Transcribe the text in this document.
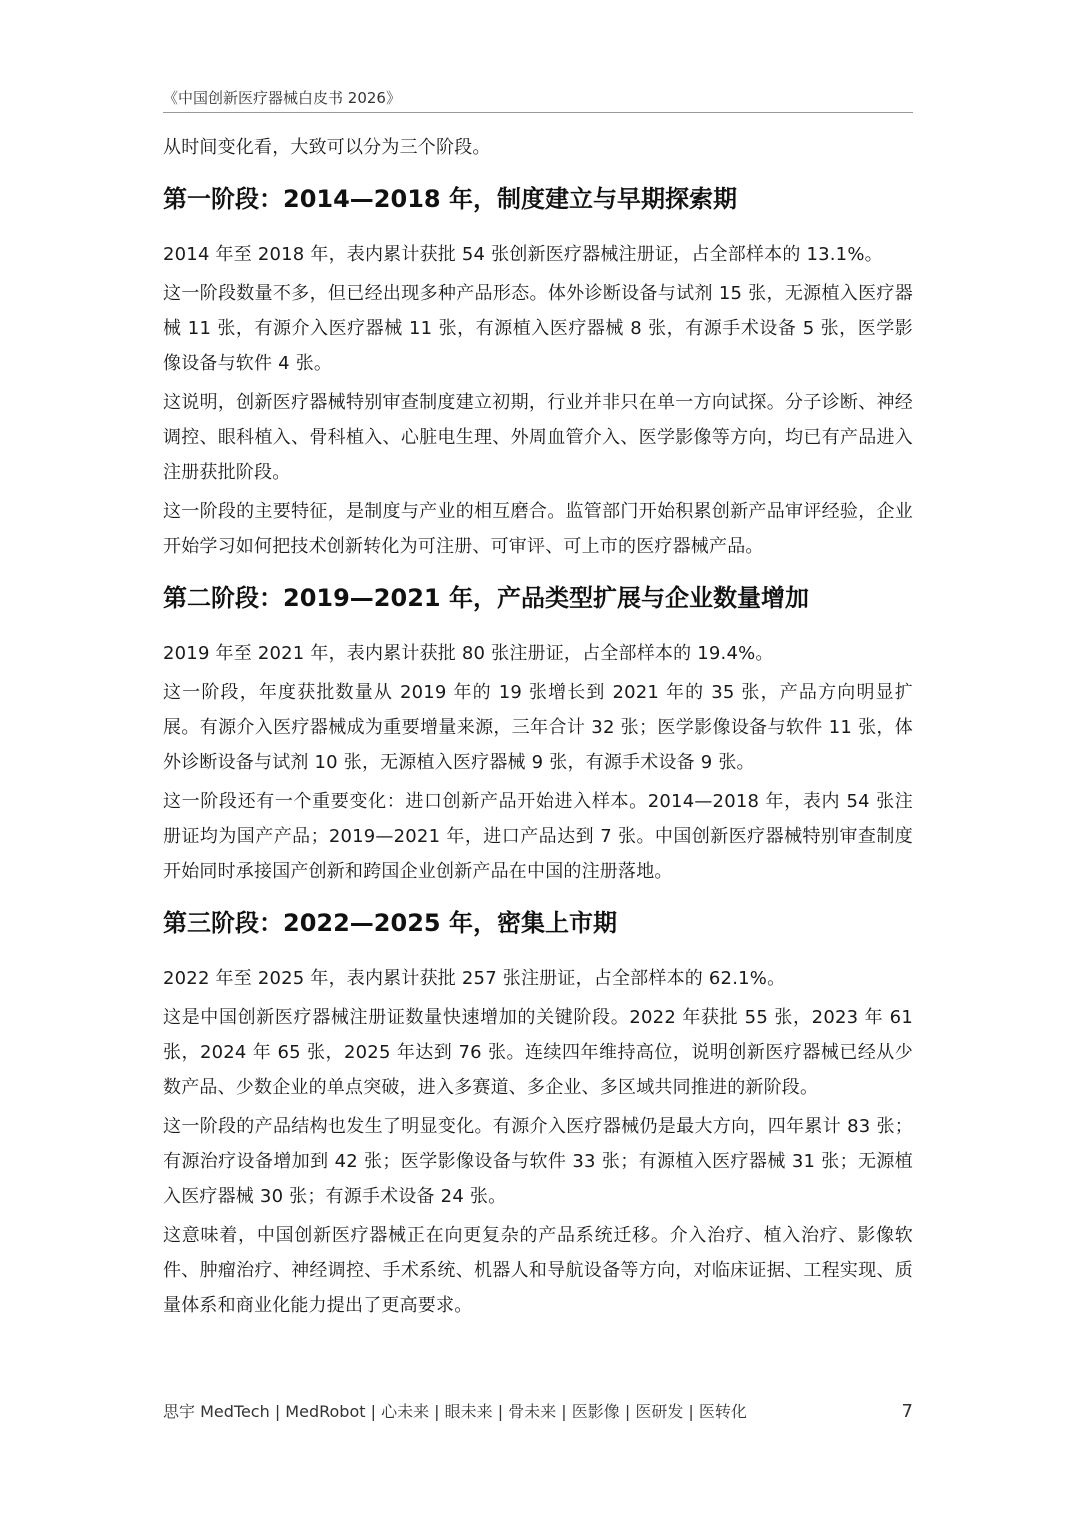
《中国创新医疗器械白皮书 2026》

从时间变化看，大致可以分为三个阶段。

第一阶段：2014—2018 年，制度建立与早期探索期

2014 年至 2018 年，表内累计获批 54 张创新医疗器械注册证，占全部样本的 13.1%。

这一阶段数量不多，但已经出现多种产品形态。体外诊断设备与试剂 15 张，无源植入医疗器械 11 张，有源介入医疗器械 11 张，有源植入医疗器械 8 张，有源手术设备 5 张，医学影像设备与软件 4 张。

这说明，创新医疗器械特别审查制度建立初期，行业并非只在单一方向试探。分子诊断、神经调控、眼科植入、骨科植入、心脏电生理、外周血管介入、医学影像等方向，均已有产品进入注册获批阶段。

这一阶段的主要特征，是制度与产业的相互磨合。监管部门开始积累创新产品审评经验，企业开始学习如何把技术创新转化为可注册、可审评、可上市的医疗器械产品。

第二阶段：2019—2021 年，产品类型扩展与企业数量增加

2019 年至 2021 年，表内累计获批 80 张注册证，占全部样本的 19.4%。

这一阶段，年度获批数量从 2019 年的 19 张增长到 2021 年的 35 张，产品方向明显扩展。有源介入医疗器械成为重要增量来源，三年合计 32 张；医学影像设备与软件 11 张，体外诊断设备与试剂 10 张，无源植入医疗器械 9 张，有源手术设备 9 张。

这一阶段还有一个重要变化：进口创新产品开始进入样本。2014—2018 年，表内 54 张注册证均为国产产品；2019—2021 年，进口产品达到 7 张。中国创新医疗器械特别审查制度开始同时承接国产创新和跨国企业创新产品在中国的注册落地。

第三阶段：2022—2025 年，密集上市期

2022 年至 2025 年，表内累计获批 257 张注册证，占全部样本的 62.1%。

这是中国创新医疗器械注册证数量快速增加的关键阶段。2022 年获批 55 张，2023 年 61 张，2024 年 65 张，2025 年达到 76 张。连续四年维持高位，说明创新医疗器械已经从少数产品、少数企业的单点突破，进入多赛道、多企业、多区域共同推进的新阶段。

这一阶段的产品结构也发生了明显变化。有源介入医疗器械仍是最大方向，四年累计 83 张；有源治疗设备增加到 42 张；医学影像设备与软件 33 张；有源植入医疗器械 31 张；无源植入医疗器械 30 张；有源手术设备 24 张。

这意味着，中国创新医疗器械正在向更复杂的产品系统迁移。介入治疗、植入治疗、影像软件、肿瘤治疗、神经调控、手术系统、机器人和导航设备等方向，对临床证据、工程实现、质量体系和商业化能力提出了更高要求。

思宇 MedTech | MedRobot | 心未来 | 眼未来 | 骨未来 | 医影像 | 医研发 | 医转化	7
